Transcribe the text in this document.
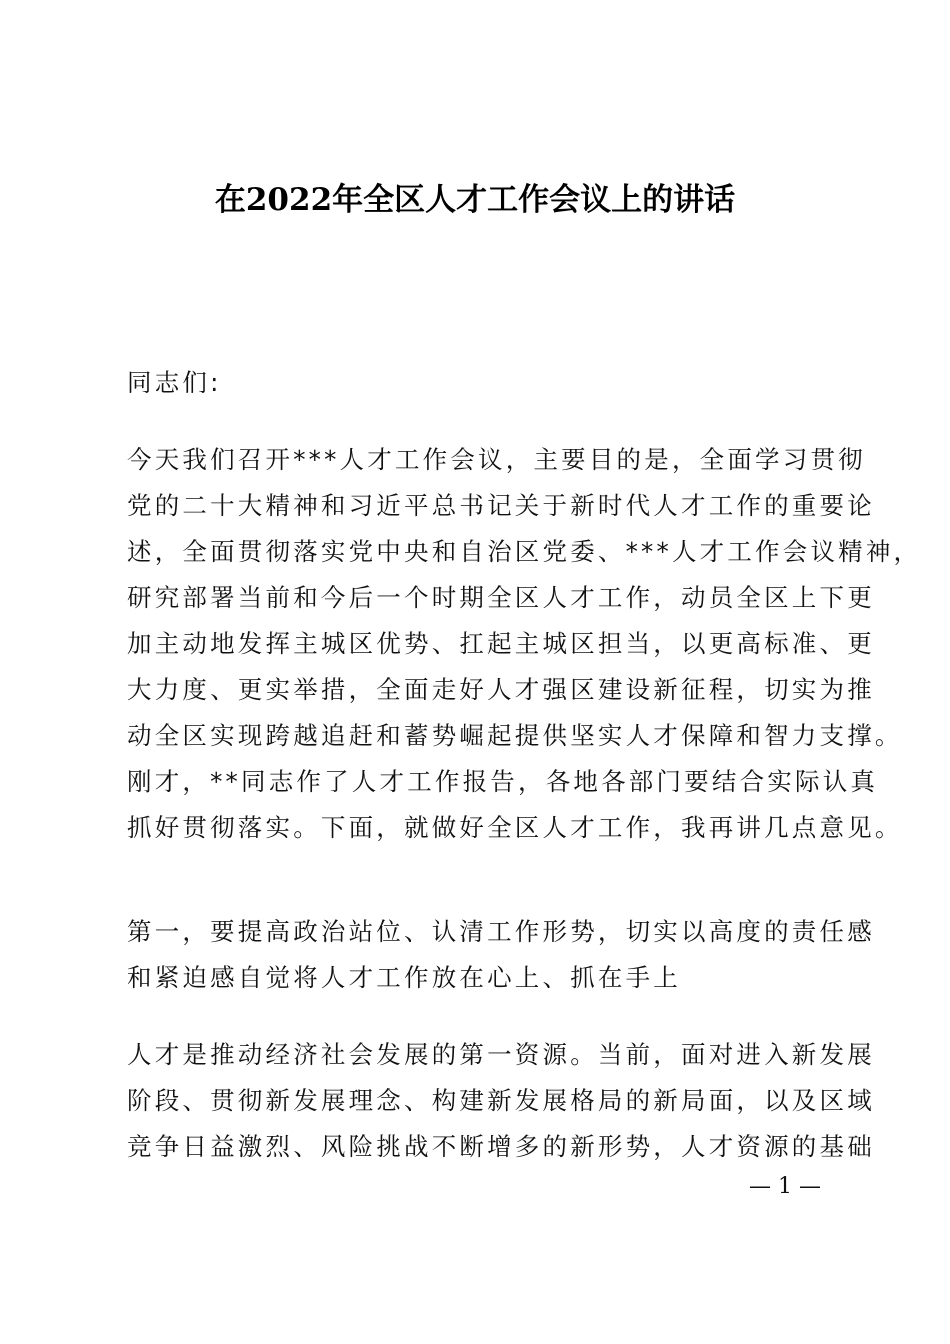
在2022年全区人才工作会议上的讲话
同志们:
今天我们召开***人才工作会议，主要目的是，全面学习贯彻
党的二十大精神和习近平总书记关于新时代人才工作的重要论
述，全面贯彻落实党中央和自治区党委、***人才工作会议精神，
研究部署当前和今后一个时期全区人才工作，动员全区上下更
加主动地发挥主城区优势、扛起主城区担当，以更高标准、更
大力度、更实举措，全面走好人才强区建设新征程，切实为推
动全区实现跨越追赶和蓄势崛起提供坚实人才保障和智力支撑。
刚才，**同志作了人才工作报告，各地各部门要结合实际认真
抓好贯彻落实。下面，就做好全区人才工作，我再讲几点意见。
第一，要提高政治站位、认清工作形势，切实以高度的责任感
和紧迫感自觉将人才工作放在心上、抓在手上
人才是推动经济社会发展的第一资源。当前，面对进入新发展
阶段、贯彻新发展理念、构建新发展格局的新局面，以及区域
竞争日益激烈、风险挑战不断增多的新形势，人才资源的基础
— 1 —
